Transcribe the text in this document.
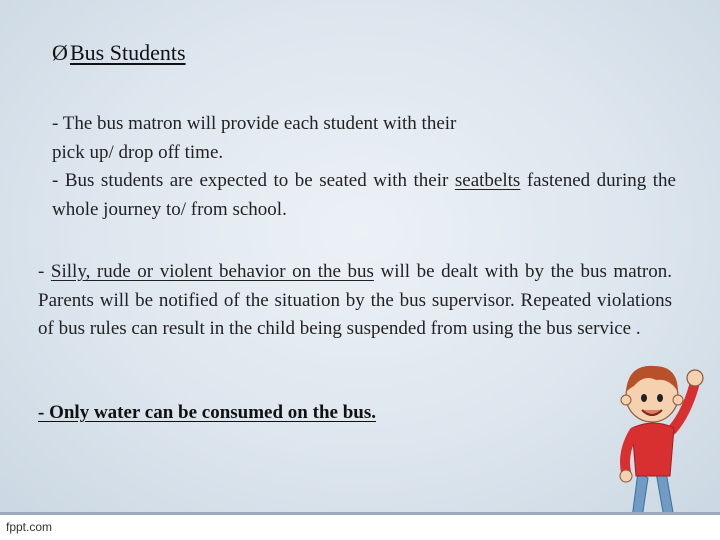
ØBus Students

- The bus matron will provide each student with their
pick up/ drop off time.

- Bus students are expected to be seated with their seatbelts fastened during the whole journey to/ from school.

- Silly, rude or violent behavior on the bus will be dealt with by the bus matron. Parents will be notified of the situation by the bus supervisor. Repeated violations of bus rules can result in the child being suspended from using the bus service .
- Only water can be consumed on the bus.
fppt.com
